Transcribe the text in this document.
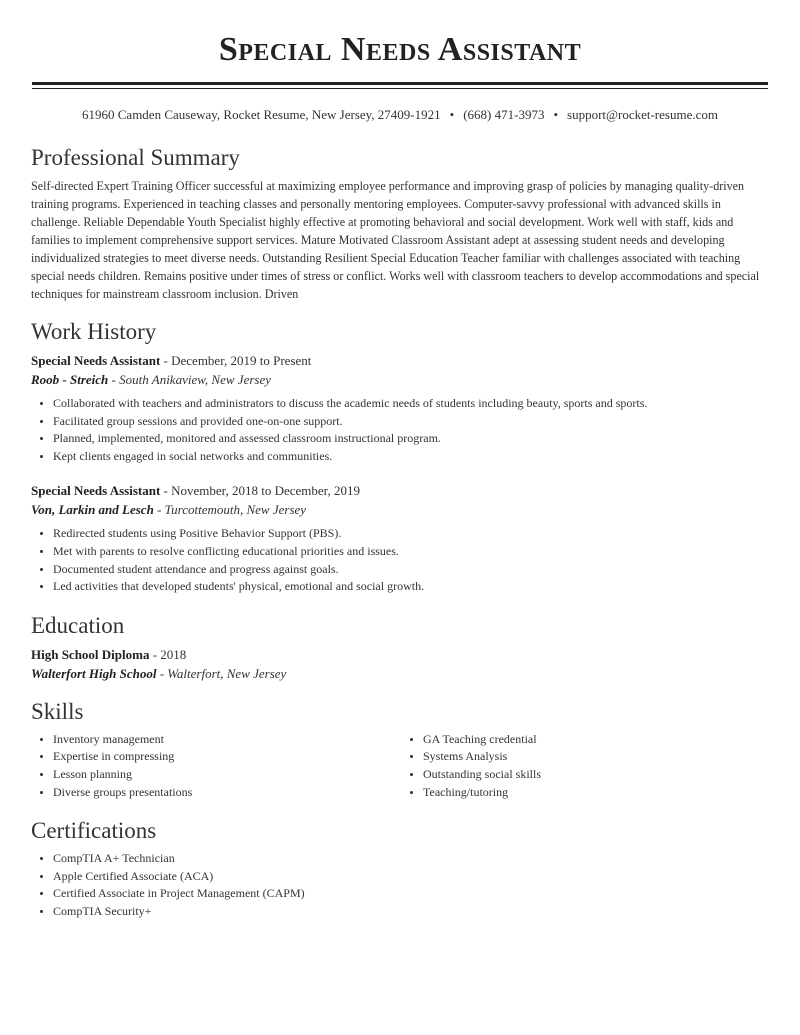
Special Needs Assistant
61960 Camden Causeway, Rocket Resume, New Jersey, 27409-1921 • (668) 471-3973 • support@rocket-resume.com
Professional Summary

Self-directed Expert Training Officer successful at maximizing employee performance and improving grasp of policies by managing quality-driven training programs. Experienced in teaching classes and personally mentoring employees. Computer-savvy professional with advanced skills in challenge. Reliable Dependable Youth Specialist highly effective at promoting behavioral and social development. Work well with staff, kids and families to implement comprehensive support services. Mature Motivated Classroom Assistant adept at assessing student needs and developing individualized strategies to meet diverse needs. Outstanding Resilient Special Education Teacher familiar with challenges associated with teaching special needs children. Remains positive under times of stress or conflict. Works well with classroom teachers to develop accommodations and special techniques for mainstream classroom inclusion. Driven

Work History

Special Needs Assistant - December, 2019 to Present

Roob - Streich - South Anikaview, New Jersey

• Collaborated with teachers and administrators to discuss the academic needs of students including beauty, sports and sports.
• Facilitated group sessions and provided one-on-one support.
• Planned, implemented, monitored and assessed classroom instructional program.
• Kept clients engaged in social networks and communities.

Special Needs Assistant - November, 2018 to December, 2019

Von, Larkin and Lesch - Turcottemouth, New Jersey

• Redirected students using Positive Behavior Support (PBS).
• Met with parents to resolve conflicting educational priorities and issues.
• Documented student attendance and progress against goals.
• Led activities that developed students' physical, emotional and social growth.
Education

High School Diploma - 2018

Walterfort High School - Walterfort, New Jersey

Skills
• Inventory management
• Expertise in compressing
• Lesson planning
• Diverse groups presentations
• GA Teaching credential
• Systems Analysis
• Outstanding social skills
• Teaching/tutoring
Certifications
• CompTIA A+ Technician
• Apple Certified Associate (ACA)
• Certified Associate in Project Management (CAPM)
• CompTIA Security+
